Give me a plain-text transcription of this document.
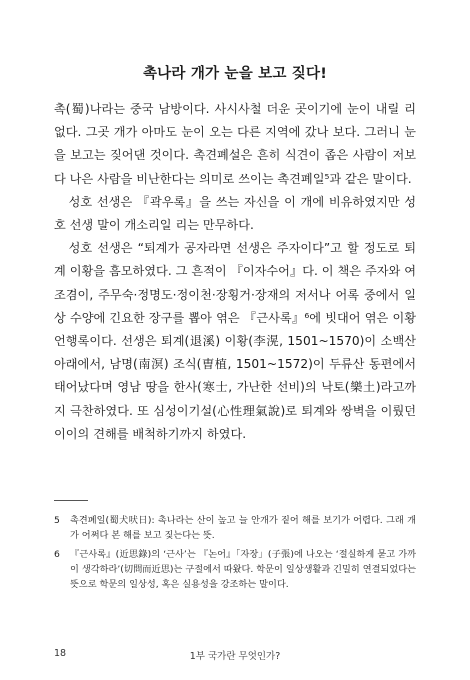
촉나라 개가 눈을 보고 짖다!

촉(蜀)나라는 중국 남방이다. 사시사철 더운 곳이기에 눈이 내릴 리 없다. 그곳 개가 아마도 눈이 오는 다른 지역에 갔나 보다. 그러니 눈을 보고는 짖어댄 것이다. 촉견폐설은 흔히 식견이 좁은 사람이 저보다 나은 사람을 비난한다는 의미로 쓰이는 촉견폐일⁵과 같은 말이다.

성호 선생은 『곽우록』을 쓰는 자신을 이 개에 비유하였지만 성호 선생 말이 개소리일 리는 만무하다.

성호 선생은 “퇴계가 공자라면 선생은 주자이다”고 할 정도로 퇴계 이황을 흠모하였다. 그 흔적이 『이자수어』다. 이 책은 주자와 여조겸이, 주무숙·정명도·정이천·장횡거·장재의 저서나 어록 중에서 일상 수양에 긴요한 장구를 뽑아 엮은 『근사록』⁶에 빗대어 엮은 이황 언행록이다. 선생은 퇴계(退溪) 이황(李滉, 1501~1570)이 소백산 아래에서, 남명(南溟) 조식(曺植, 1501~1572)이 두류산 동편에서 태어났다며 영남 땅을 한사(寒士, 가난한 선비)의 낙토(樂土)라고까지 극찬하였다. 또 심성이기설(心性理氣說)로 퇴계와 쌍벽을 이뤘던 이이의 견해를 배척하기까지 하였다.

5	촉견폐일(蜀犬吠日): 촉나라는 산이 높고 늘 안개가 짙어 해를 보기가 어렵다. 그래 개가 어쩌다 본 해를 보고 짖는다는 뜻.
6	『근사록』(近思錄)의 ‘근사’는 『논어』「자장」(子張)에 나오는 ‘절실하게 묻고 가까이 생각하라’(切問而近思)는 구절에서 따왔다. 학문이 일상생활과 긴밀히 연결되었다는 뜻으로 학문의 일상성, 혹은 실용성을 강조하는 말이다.
18	1부 국가란 무엇인가?
